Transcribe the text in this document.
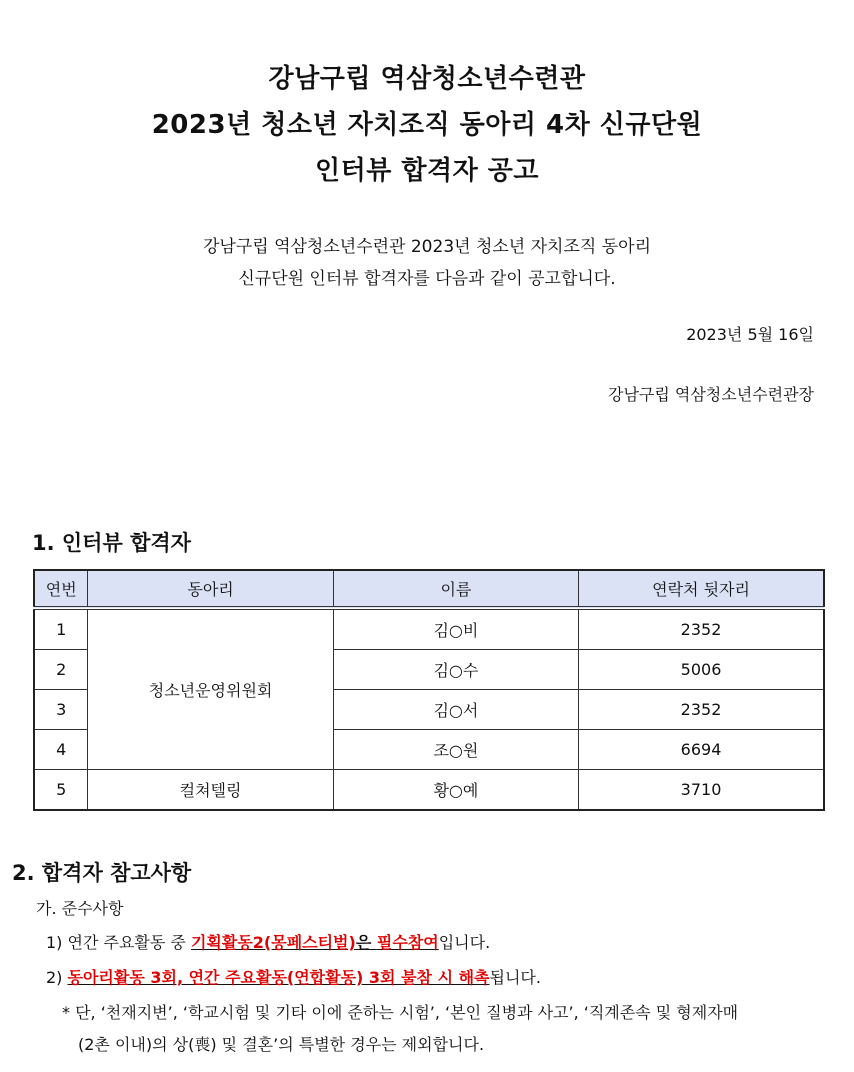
강남구립 역삼청소년수련관
2023년 청소년 자치조직 동아리 4차 신규단원
인터뷰 합격자 공고
강남구립 역삼청소년수련관 2023년 청소년 자치조직 동아리
신규단원 인터뷰 합격자를 다음과 같이 공고합니다.
2023년 5월 16일
강남구립 역삼청소년수련관장
1. 인터뷰 합격자
연번	동아리	이름	연락처 뒷자리
1	청소년운영위원회	김○비	2352
2		김○수	5006
3		김○서	2352
4		조○원	6694
5	컬쳐텔링	황○예	3710
2. 합격자 참고사항
가. 준수사항
1) 연간 주요활동 중 기획활동2(몽페스티벌)은 필수참여입니다.
2) 동아리활동 3회, 연간 주요활동(연합활동) 3회 불참 시 해촉됩니다.
* 단, ‘천재지변’, ‘학교시험 및 기타 이에 준하는 시험’, ‘본인 질병과 사고’, ‘직계존속 및 형제자매
(2촌 이내)의 상(喪) 및 결혼’의 특별한 경우는 제외합니다.
